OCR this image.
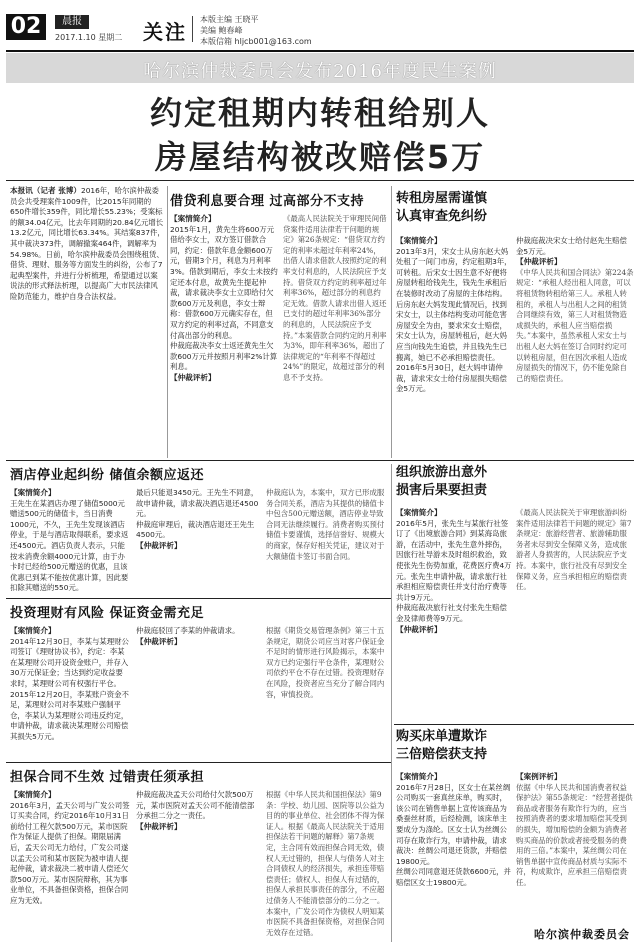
02	晨报
2017.1.10 星期二 关注
本版主编 王晓平
美编 鲍春峰
本版信箱 hljcb001@163.com
哈尔滨仲裁委员会发布2016年度民生案例
约定租期内转租给别人
房屋结构被改赔偿5万
本报讯（记者 张博）2016年，哈尔滨仲裁委员会共受理案件1009件，比2015年同期的650件增长359件，同比增长55.23%；受案标的额34.04亿元，比去年同期的20.84亿元增长13.2亿元，同比增长63.34%。其结案837件，其中裁决373件，调解撤案464件，调解率为54.98%。日前，哈尔滨仲裁委员会围绕租赁、借贷、理财、服务等方面发生的纠纷，公布了7起典型案件，并进行分析梳理，希望通过以案说法的形式释法析理，以提高广大市民法律风险防范能力，维护自身合法权益。
借贷利息要合理 过高部分不支持
【案情简介】
2015年1月，黄先生将600万元借给李女士，双方签订借款合同，约定：借款年息金额600万元，借期3个月，利息为月利率3%。借款到期后，李女士未按约定还本付息，故黄先生提起仲裁，请求裁决李女士立即给付欠款600万元及利息，李女士辩称：借款600万元确实存在，但双方约定的利率过高，不同意支付高出部分的利息。
仲裁庭裁决李女士返还黄先生欠款600万元并按照月利率2%计算利息。
【仲裁评析】
《最高人民法院关于审理民间借贷案件适用法律若干问题的规定》第26条规定：“借贷双方约定的利率未超过年利率24%，出借人请求借款人按照约定的利率支付利息的，人民法院应予支持。借贷双方约定的利率超过年利率36%，超过部分的利息约定无效。借款人请求出借人返还已支付的超过年利率36%部分的利息的，人民法院应予支持。”本案借款合同约定的月利率为3%，即年利率36%，超出了法律规定的“年利率不得超过24%”的限定，故超过部分的利息不予支持。
转租房屋需谨慎
认真审查免纠纷
【案情简介】
2013年3月，宋女士从房东赵大妈处租了一间门市房，约定租期3年，可转租。后宋女士因生意不好便将房屋转租给钱先生，钱先生承租后在装修时改动了房屋的主体结构。后房东赵大妈发现此情况后，找到宋女士，以主体结构变动可能危害房屋安全为由，要求宋女士赔偿，宋女士认为，房屋转租后，赵大妈应当向钱先生追偿，并且钱先生已搬离，她已不必承担赔偿责任。2016年5月30日，赵大妈申请仲裁，请求宋女士给付房屋损失赔偿金5万元。
仲裁庭裁决宋女士给付赵先生赔偿金5万元。
【仲裁评析】
《中华人民共和国合同法》第224条规定：“承租人经出租人同意，可以将租赁物转租给第三人。承租人转租的，承租人与出租人之间的租赁合同继续有效，第三人对租赁物造成损失的，承租人应当赔偿损失。”本案中，虽然承租人宋女士与出租人赵大妈在签订合同时约定可以转租房屋，但在因次承租人造成房屋损失的情况下，仍不能免除自己的赔偿责任。
酒店停业起纠纷 储值余额应返还
【案情简介】
王先生在某酒店办理了储值5000元赠送500元的储值卡，当日消费1000元，不久，王先生发现该酒店停业，于是与酒店取得联系，要求返还4500元。酒店负责人表示，只能按未消费余额4000元计算，由于办卡时已经给500元赠送的优惠，且该优惠已到某不能按优惠计算，因此要扣除其赠送的550元。
最后只能退3450元。王先生不同意，故申请仲裁，请求裁决酒店退还4500元。
仲裁庭审理后，裁决酒店退还王先生4500元。
【仲裁评析】
仲裁庭认为，本案中，双方已形成服务合同关系，酒店为其提供的储值卡中包含500元赠送额，酒店停业导致合同无法继续履行。消费者购买预付储值卡要谨慎，选择信誉好、规模大的商家，保存好相关凭证，建议对于大额储值卡签订书面合同。
投资理财有风险 保证资金需充足
【案情简介】
2014年12月30日，李某与某理财公司签订《理财协议书》，约定：李某在某理财公司开设资金账户，并存入30万元保证金；当达到约定收益要求时，某理财公司有权强行平仓。2015年12月20日，李某账户资金不足，某理财公司对李某账户强制平仓，李某认为某理财公司违反约定，申请仲裁，请求裁决某理财公司赔偿其损失5万元。
仲裁庭驳回了李某的仲裁请求。
【仲裁评析】
根据《期货交易管理条例》第三十五条规定，期货公司应当对客户保证金不足时的情形进行风险揭示，本案中双方已约定强行平仓条件，某理财公司依约平仓不存在过错。投资理财存在风险，投资者应当充分了解合同内容，审慎投资。
担保合同不生效 过错责任须承担
【案情简介】
2016年3月，孟天公司与广发公司签订买卖合同，约定2016年10月31日前给付工程欠款500万元，某市医院作为保证人提供了担保。期限届满后，孟天公司无力给付，广发公司遂以孟天公司和某市医院为被申请人提起仲裁，请求裁决二被申请人偿还欠款500万元。某市医院辩称，其为事业单位，不具备担保资格，担保合同应为无效。
仲裁庭裁决孟天公司给付欠款500万元，某市医院对孟天公司不能清偿部分承担二分之一责任。
【仲裁评析】
根据《中华人民共和国担保法》第9条：学校、幼儿园、医院等以公益为目的的事业单位、社会团体不得为保证人。根据《最高人民法院关于适用担保法若干问题的解释》第7条规定，主合同有效而担保合同无效，债权人无过错的，担保人与债务人对主合同债权人的经济损失，承担连带赔偿责任；债权人、担保人有过错的，担保人承担民事责任的部分，不应超过债务人不能清偿部分的二分之一。本案中，广发公司作为债权人明知某市医院不具备担保资格，对担保合同无效存在过错。
组织旅游出意外
损害后果要担责
【案情简介】
2016年5月，张先生与某旅行社签订了《出境旅游合同》到某海岛旅游，在活动中，张先生意外摔伤，因旅行社导游未及时组织救治，致使张先生伤势加重，花费医疗费4万元。张先生申请仲裁，请求旅行社承担相应赔偿责任并支付治疗费等共计9万元。
仲裁庭裁决旅行社支付张先生赔偿金及律师费等9万元。
【仲裁评析】
《最高人民法院关于审理旅游纠纷案件适用法律若干问题的规定》第7条规定：旅游经营者、旅游辅助服务者未尽到安全保障义务，造成旅游者人身损害的，人民法院应予支持。本案中，旅行社没有尽到安全保障义务，应当承担相应的赔偿责任。
购买床单遭欺诈
三倍赔偿获支持
【案情简介】
2016年7月28日，区女士在某丝绸公司购买一套真丝床单，购买时，该公司在销售单据上宣传该商品为桑蚕丝材质，后经检测，该床单主要成分为涤纶。区女士认为丝绸公司存在欺诈行为，申请仲裁，请求裁决：丝绸公司退还货款，并赔偿19800元。
丝绸公司同意退还货款6600元，并赔偿区女士19800元。
【案例评析】
依据《中华人民共和国消费者权益保护法》第55条规定：“经营者提供商品或者服务有欺诈行为的，应当按照消费者的要求增加赔偿其受到的损失，增加赔偿的金额为消费者购买商品的价款或者接受服务的费用的三倍。”本案中，某丝绸公司在销售单据中宣传商品材质与实际不符，构成欺诈，应承担三倍赔偿责任。
哈尔滨仲裁委员会
